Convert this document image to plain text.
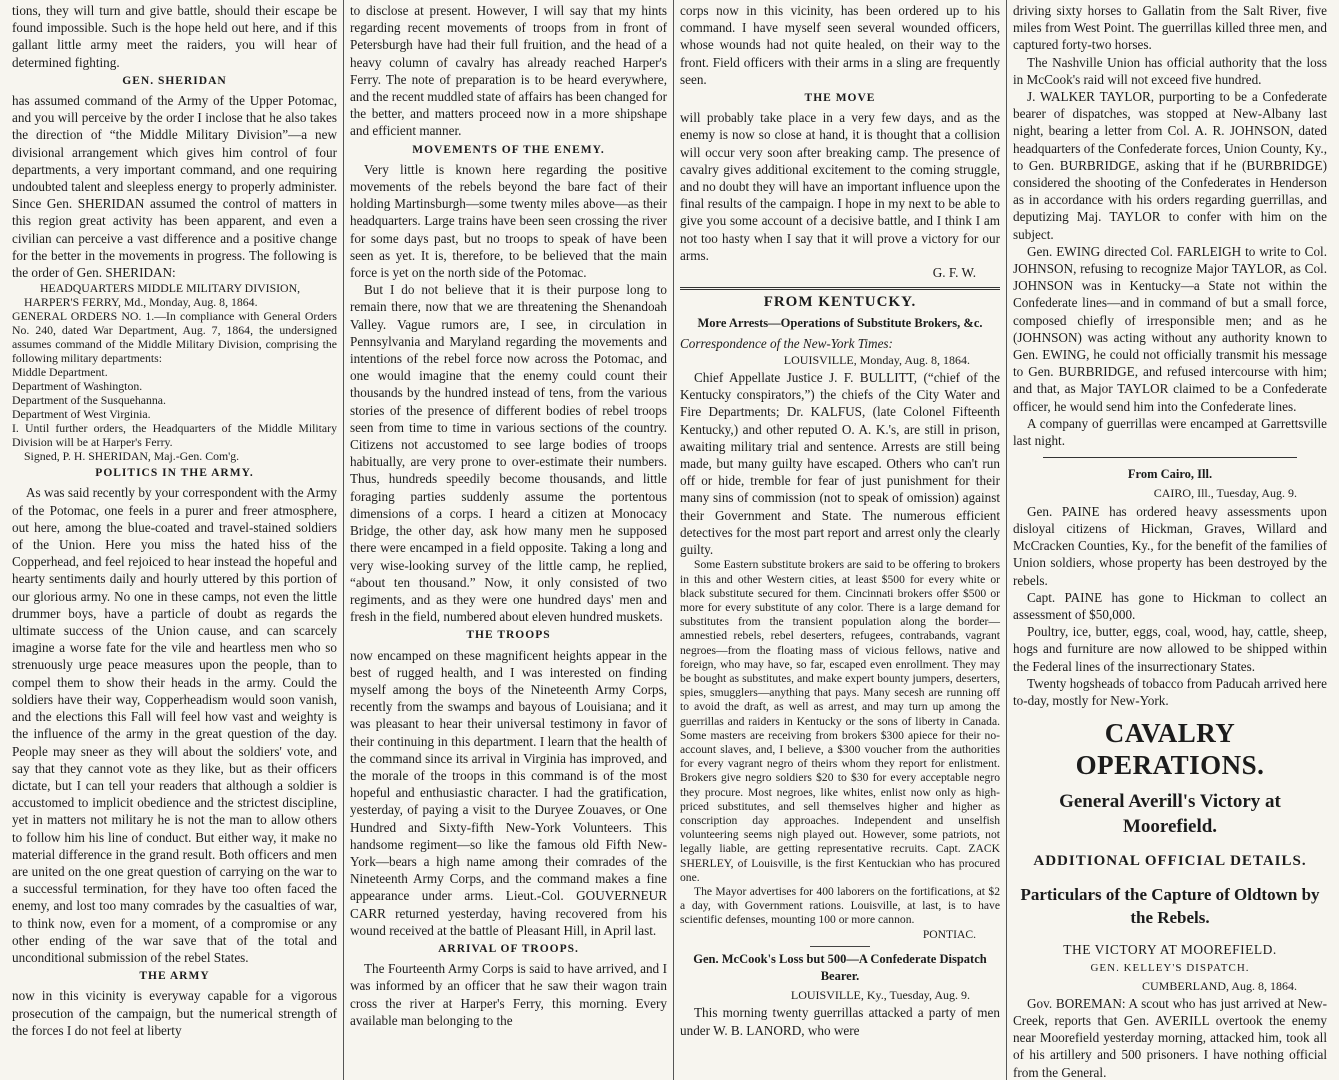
tions, they will turn and give battle, should their escape be found impossible. Such is the hope held out here, and if this gallant little army meet the raiders, you will hear of determined fighting.

GEN. SHERIDAN

has assumed command of the Army of the Upper Potomac, and you will perceive by the order I inclose that he also takes the direction of “the Middle Military Division”—a new divisional arrangement which gives him control of four departments, a very important command, and one requiring undoubted talent and sleepless energy to properly administer. Since Gen. SHERIDAN assumed the control of matters in this region great activity has been apparent, and even a civilian can perceive a vast difference and a positive change for the better in the movements in progress. The following is the order of Gen. SHERIDAN:

HEADQUARTERS MIDDLE MILITARY DIVISION,

HARPER'S FERRY, Md., Monday, Aug. 8, 1864.

GENERAL ORDERS NO. 1.—In compliance with General Orders No. 240, dated War Department, Aug. 7, 1864, the undersigned assumes command of the Middle Military Division, comprising the following military departments:

Middle Department.

Department of Washington.

Department of the Susquehanna.

Department of West Virginia.

I. Until further orders, the Headquarters of the Middle Military Division will be at Harper's Ferry.

Signed, P. H. SHERIDAN, Maj.-Gen. Com'g.

POLITICS IN THE ARMY.

As was said recently by your correspondent with the Army of the Potomac, one feels in a purer and freer atmosphere, out here, among the blue-coated and travel-stained soldiers of the Union. Here you miss the hated hiss of the Copperhead, and feel rejoiced to hear instead the hopeful and hearty sentiments daily and hourly uttered by this portion of our glorious army. No one in these camps, not even the little drummer boys, have a particle of doubt as regards the ultimate success of the Union cause, and can scarcely imagine a worse fate for the vile and heartless men who so strenuously urge peace measures upon the people, than to compel them to show their heads in the army. Could the soldiers have their way, Copperheadism would soon vanish, and the elections this Fall will feel how vast and weighty is the influence of the army in the great question of the day. People may sneer as they will about the soldiers' vote, and say that they cannot vote as they like, but as their officers dictate, but I can tell your readers that although a soldier is accustomed to implicit obedience and the strictest discipline, yet in matters not military he is not the man to allow others to follow him his line of conduct. But either way, it make no material difference in the grand result. Both officers and men are united on the one great question of carrying on the war to a successful termination, for they have too often faced the enemy, and lost too many comrades by the casualties of war, to think now, even for a moment, of a compromise or any other ending of the war save that of the total and unconditional submission of the rebel States.

THE ARMY

now in this vicinity is everyway capable for a vigorous prosecution of the campaign, but the numerical strength of the forces I do not feel at liberty

to disclose at present. However, I will say that my hints regarding recent movements of troops from in front of Petersburgh have had their full fruition, and the head of a heavy column of cavalry has already reached Harper's Ferry. The note of preparation is to be heard everywhere, and the recent muddled state of affairs has been changed for the better, and matters proceed now in a more shipshape and efficient manner.

MOVEMENTS OF THE ENEMY.

Very little is known here regarding the positive movements of the rebels beyond the bare fact of their holding Martinsburgh—some twenty miles above—as their headquarters. Large trains have been seen crossing the river for some days past, but no troops to speak of have been seen as yet. It is, therefore, to be believed that the main force is yet on the north side of the Potomac.

But I do not believe that it is their purpose long to remain there, now that we are threatening the Shenandoah Valley. Vague rumors are, I see, in circulation in Pennsylvania and Maryland regarding the movements and intentions of the rebel force now across the Potomac, and one would imagine that the enemy could count their thousands by the hundred instead of tens, from the various stories of the presence of different bodies of rebel troops seen from time to time in various sections of the country. Citizens not accustomed to see large bodies of troops habitually, are very prone to over-estimate their numbers. Thus, hundreds speedily become thousands, and little foraging parties suddenly assume the portentous dimensions of a corps. I heard a citizen at Monocacy Bridge, the other day, ask how many men he supposed there were encamped in a field opposite. Taking a long and very wise-looking survey of the little camp, he replied, “about ten thousand.” Now, it only consisted of two regiments, and as they were one hundred days' men and fresh in the field, numbered about eleven hundred muskets.

THE TROOPS

now encamped on these magnificent heights appear in the best of rugged health, and I was interested on finding myself among the boys of the Nineteenth Army Corps, recently from the swamps and bayous of Louisiana; and it was pleasant to hear their universal testimony in favor of their continuing in this department. I learn that the health of the command since its arrival in Virginia has improved, and the morale of the troops in this command is of the most hopeful and enthusiastic character. I had the gratification, yesterday, of paying a visit to the Duryee Zouaves, or One Hundred and Sixty-fifth New-York Volunteers. This handsome regiment—so like the famous old Fifth New-York—bears a high name among their comrades of the Nineteenth Army Corps, and the command makes a fine appearance under arms. Lieut.-Col. GOUVERNEUR CARR returned yesterday, having recovered from his wound received at the battle of Pleasant Hill, in April last.

ARRIVAL OF TROOPS.

The Fourteenth Army Corps is said to have arrived, and I was informed by an officer that he saw their wagon train cross the river at Harper's Ferry, this morning. Every available man belonging to the

corps now in this vicinity, has been ordered up to his command. I have myself seen several wounded officers, whose wounds had not quite healed, on their way to the front. Field officers with their arms in a sling are frequently seen.

THE MOVE

will probably take place in a very few days, and as the enemy is now so close at hand, it is thought that a collision will occur very soon after breaking camp. The presence of cavalry gives additional excitement to the coming struggle, and no doubt they will have an important influence upon the final results of the campaign. I hope in my next to be able to give you some account of a decisive battle, and I think I am not too hasty when I say that it will prove a victory for our arms.

G. F. W.

FROM KENTUCKY.
More Arrests—Operations of Substitute Brokers, &c.

Correspondence of the New-York Times:

LOUISVILLE, Monday, Aug. 8, 1864.

Chief Appellate Justice J. F. BULLITT, (“chief of the Kentucky conspirators,”) the chiefs of the City Water and Fire Departments; Dr. KALFUS, (late Colonel Fifteenth Kentucky,) and other reputed O. A. K.'s, are still in prison, awaiting military trial and sentence. Arrests are still being made, but many guilty have escaped. Others who can't run off or hide, tremble for fear of just punishment for their many sins of commission (not to speak of omission) against their Government and State. The numerous efficient detectives for the most part report and arrest only the clearly guilty.

Some Eastern substitute brokers are said to be offering to brokers in this and other Western cities, at least $500 for every white or black substitute secured for them. Cincinnati brokers offer $500 or more for every substitute of any color. There is a large demand for substitutes from the transient population along the border—amnestied rebels, rebel deserters, refugees, contrabands, vagrant negroes—from the floating mass of vicious fellows, native and foreign, who may have, so far, escaped even enrollment. They may be bought as substitutes, and make expert bounty jumpers, deserters, spies, smugglers—anything that pays. Many secesh are running off to avoid the draft, as well as arrest, and may turn up among the guerrillas and raiders in Kentucky or the sons of liberty in Canada. Some masters are receiving from brokers $300 apiece for their no-account slaves, and, I believe, a $300 voucher from the authorities for every vagrant negro of theirs whom they report for enlistment. Brokers give negro soldiers $20 to $30 for every acceptable negro they procure. Most negroes, like whites, enlist now only as high-priced substitutes, and sell themselves higher and higher as conscription day approaches. Independent and unselfish volunteering seems nigh played out. However, some patriots, not legally liable, are getting representative recruits. Capt. ZACK SHERLEY, of Louisville, is the first Kentuckian who has procured one.

The Mayor advertises for 400 laborers on the fortifications, at $2 a day, with Government rations. Louisville, at last, is to have scientific defenses, mounting 100 or more cannon.

PONTIAC.

Gen. McCook's Loss but 500—A Confederate Dispatch Bearer.

LOUISVILLE, Ky., Tuesday, Aug. 9.

This morning twenty guerrillas attacked a party of men under W. B. LANORD, who were

driving sixty horses to Gallatin from the Salt River, five miles from West Point. The guerrillas killed three men, and captured forty-two horses.

The Nashville Union has official authority that the loss in McCook's raid will not exceed five hundred.

J. WALKER TAYLOR, purporting to be a Confederate bearer of dispatches, was stopped at New-Albany last night, bearing a letter from Col. A. R. JOHNSON, dated headquarters of the Confederate forces, Union County, Ky., to Gen. BURBRIDGE, asking that if he (BURBRIDGE) considered the shooting of the Confederates in Henderson as in accordance with his orders regarding guerrillas, and deputizing Maj. TAYLOR to confer with him on the subject.

Gen. EWING directed Col. FARLEIGH to write to Col. JOHNSON, refusing to recognize Major TAYLOR, as Col. JOHNSON was in Kentucky—a State not within the Confederate lines—and in command of but a small force, composed chiefly of irresponsible men; and as he (JOHNSON) was acting without any authority known to Gen. EWING, he could not officially transmit his message to Gen. BURBRIDGE, and refused intercourse with him; and that, as Major TAYLOR claimed to be a Confederate officer, he would send him into the Confederate lines.

A company of guerrillas were encamped at Garrettsville last night.

From Cairo, Ill.

CAIRO, Ill., Tuesday, Aug. 9.

Gen. PAINE has ordered heavy assessments upon disloyal citizens of Hickman, Graves, Willard and McCracken Counties, Ky., for the benefit of the families of Union soldiers, whose property has been destroyed by the rebels.

Capt. PAINE has gone to Hickman to collect an assessment of $50,000.

Poultry, ice, butter, eggs, coal, wood, hay, cattle, sheep, hogs and furniture are now allowed to be shipped within the Federal lines of the insurrectionary States.

Twenty hogsheads of tobacco from Paducah arrived here to-day, mostly for New-York.

CAVALRY OPERATIONS.
General Averill's Victory at Moorefield.
ADDITIONAL OFFICIAL DETAILS.
Particulars of the Capture of Oldtown by the Rebels.
THE VICTORY AT MOOREFIELD.
GEN. KELLEY'S DISPATCH.

CUMBERLAND, Aug. 8, 1864.

Gov. BOREMAN: A scout who has just arrived at New-Creek, reports that Gen. AVERILL overtook the enemy near Moorefield yesterday morning, attacked him, took all of his artillery and 500 prisoners. I have nothing official from the General.
